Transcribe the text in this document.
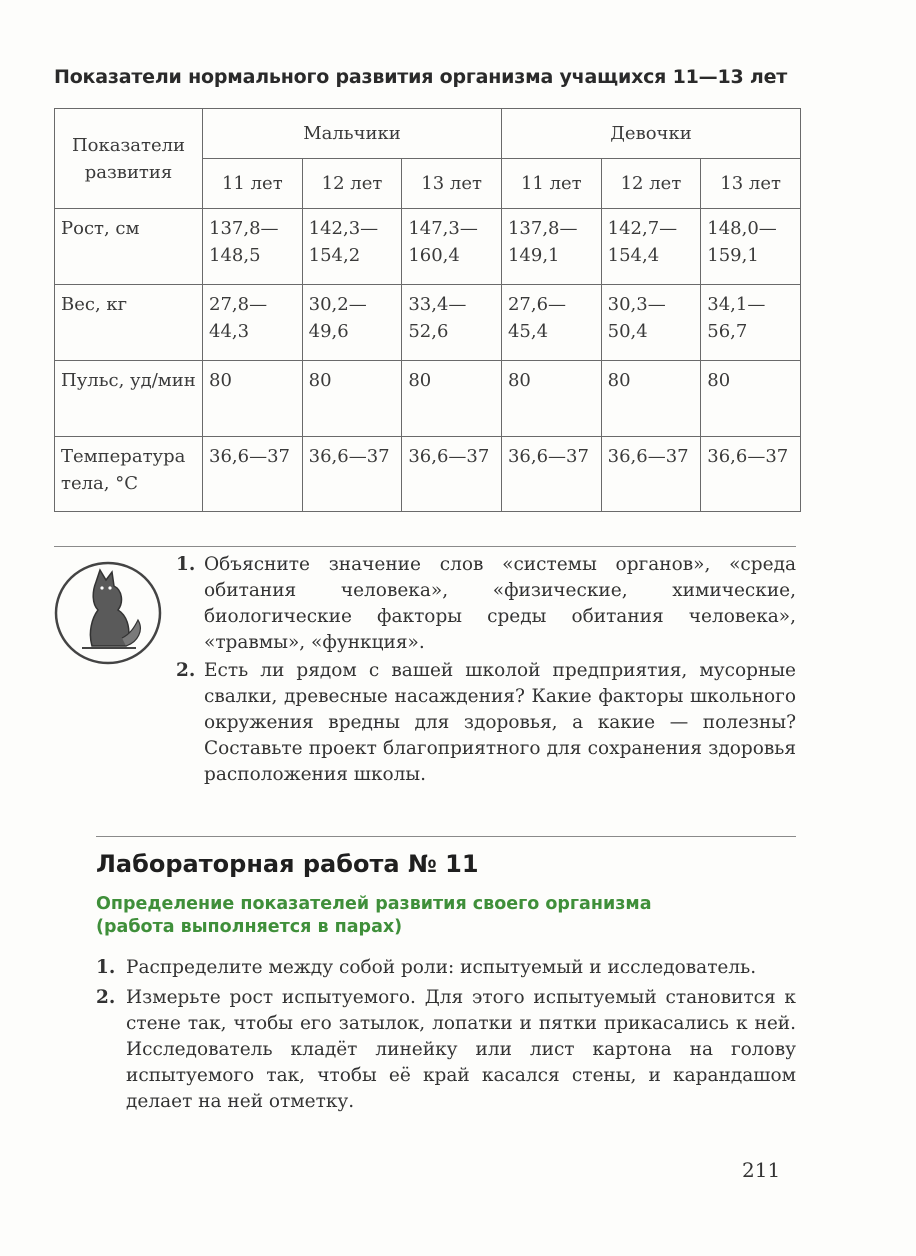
Показатели нормального развития организма учащихся 11—13 лет
Показатели развития	Мальчики			Девочки		
	11 лет	12 лет	13 лет	11 лет	12 лет	13 лет
Рост, см	137,8—148,5	142,3—154,2	147,3—160,4	137,8—149,1	142,7—154,4	148,0—159,1
Вес, кг	27,8—44,3	30,2—49,6	33,4—52,6	27,6—45,4	30,3—50,4	34,1—56,7
Пульс, уд/мин	80	80	80	80	80	80
Температура тела, °С	36,6—37	36,6—37	36,6—37	36,6—37	36,6—37	36,6—37
1. Объясните значение слов «системы органов», «среда обитания человека», «физические, химические, биологические факторы среды обитания человека», «травмы», «функция».
2. Есть ли рядом с вашей школой предприятия, мусорные свалки, древесные насаждения? Какие факторы школьного окружения вредны для здоровья, а какие — полезны? Составьте проект благоприятного для сохранения здоровья расположения школы.
Лабораторная работа № 11
Определение показателей развития своего организма (работа выполняется в парах)
1. Распределите между собой роли: испытуемый и исследователь.
2. Измерьте рост испытуемого. Для этого испытуемый становится к стене так, чтобы его затылок, лопатки и пятки прикасались к ней. Исследователь кладёт линейку или лист картона на голову испытуемого так, чтобы её край касался стены, и карандашом делает на ней отметку.
211
